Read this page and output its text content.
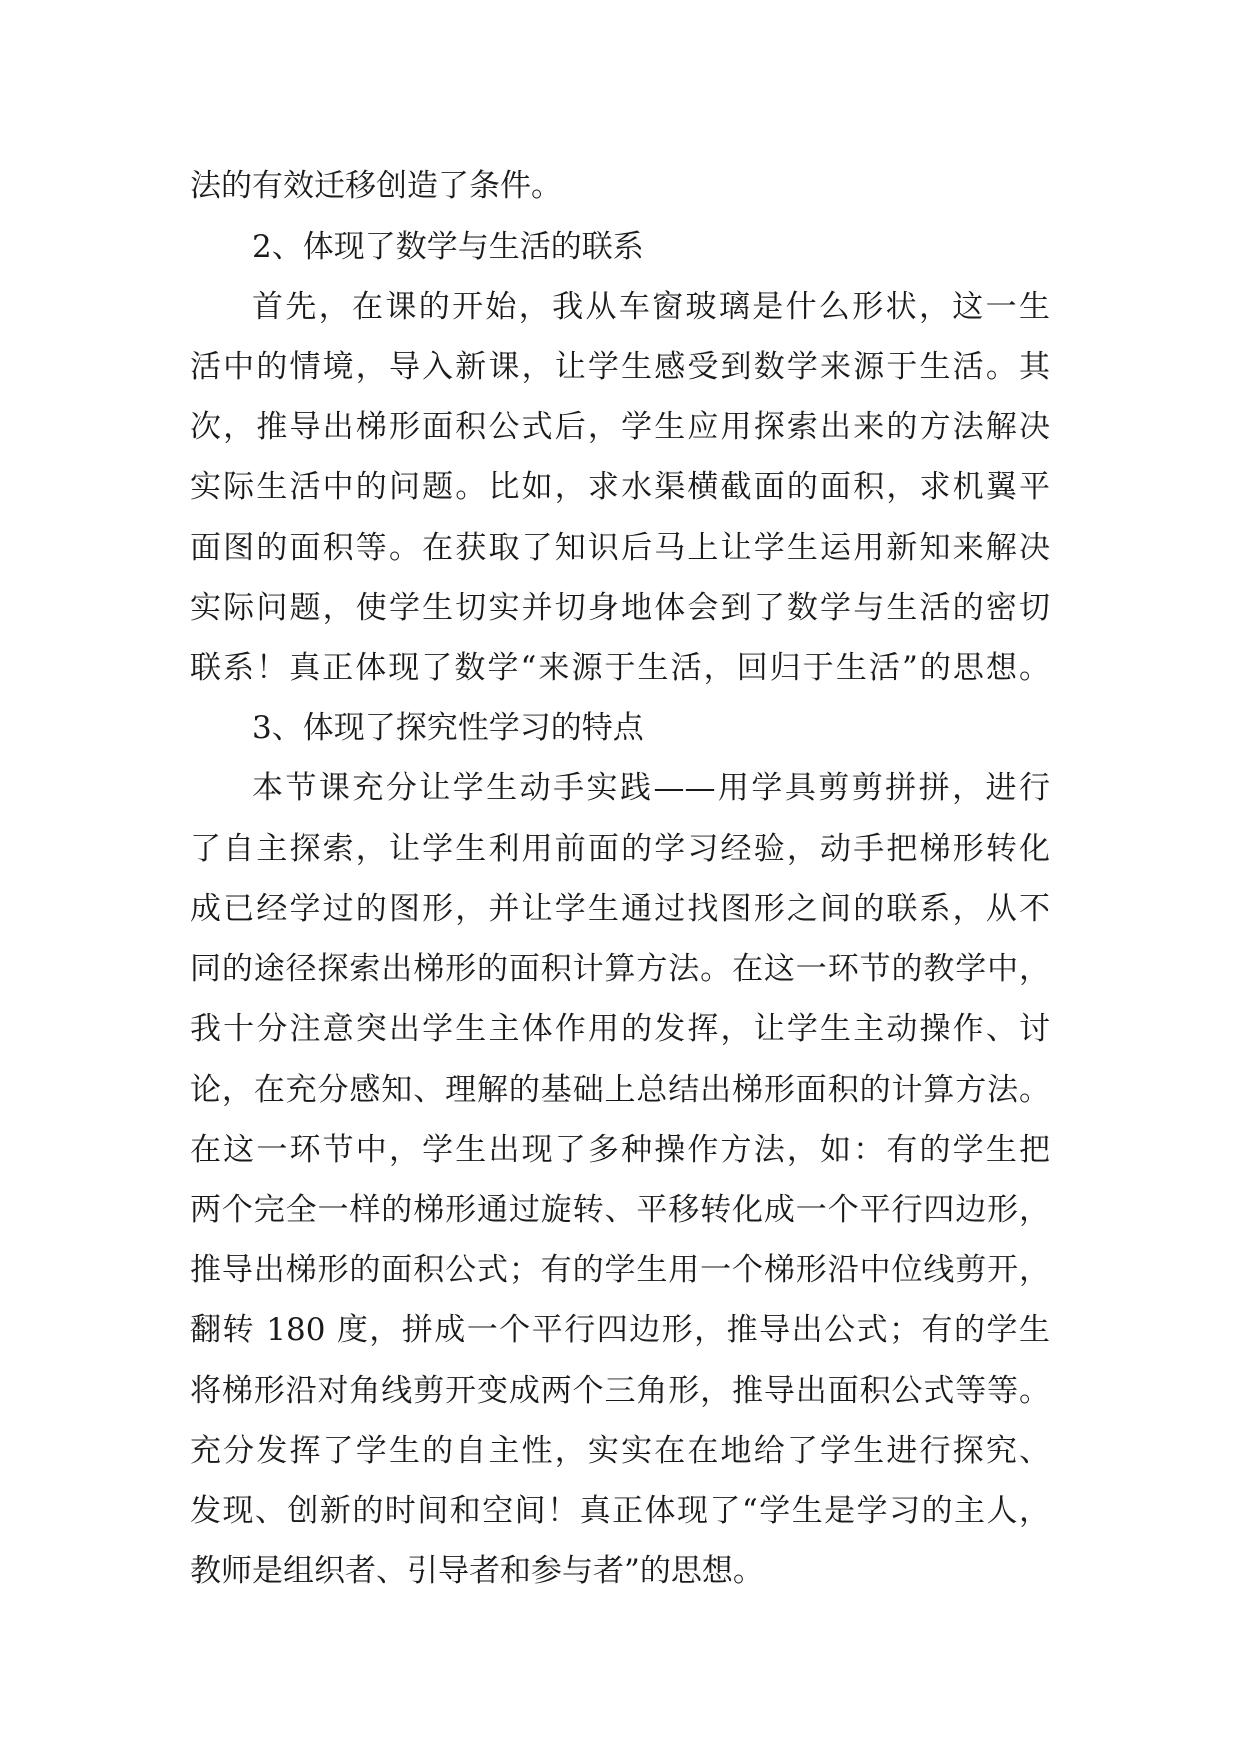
法的有效迁移创造了条件。

2、体现了数学与生活的联系

首先，在课的开始，我从车窗玻璃是什么形状，这一生

活中的情境，导入新课，让学生感受到数学来源于生活。其

次，推导出梯形面积公式后，学生应用探索出来的方法解决

实际生活中的问题。比如，求水渠横截面的面积，求机翼平

面图的面积等。在获取了知识后马上让学生运用新知来解决

实际问题，使学生切实并切身地体会到了数学与生活的密切

联系！真正体现了数学“来源于生活，回归于生活”的思想。

3、体现了探究性学习的特点

本节课充分让学生动手实践——用学具剪剪拼拼，进行

了自主探索，让学生利用前面的学习经验，动手把梯形转化

成已经学过的图形，并让学生通过找图形之间的联系，从不

同的途径探索出梯形的面积计算方法。在这一环节的教学中，

我十分注意突出学生主体作用的发挥，让学生主动操作、讨

论，在充分感知、理解的基础上总结出梯形面积的计算方法。

在这一环节中，学生出现了多种操作方法，如：有的学生把

两个完全一样的梯形通过旋转、平移转化成一个平行四边形，

推导出梯形的面积公式；有的学生用一个梯形沿中位线剪开，

翻转 180 度，拼成一个平行四边形，推导出公式；有的学生

将梯形沿对角线剪开变成两个三角形，推导出面积公式等等。

充分发挥了学生的自主性，实实在在地给了学生进行探究、

发现、创新的时间和空间！真正体现了“学生是学习的主人，

教师是组织者、引导者和参与者”的思想。
